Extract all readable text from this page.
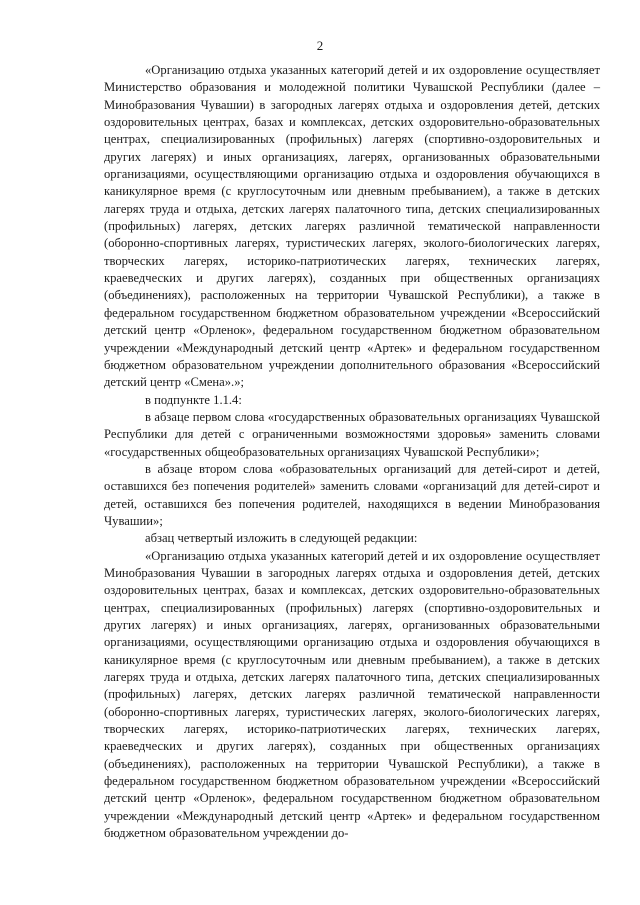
2

«Организацию отдыха указанных категорий детей и их оздоровление осуществляет Министерство образования и молодежной политики Чувашской Республики (далее – Минобразования Чувашии) в загородных лагерях отдыха и оздоровления детей, детских оздоровительных центрах, базах и комплексах, детских оздоровительно-образовательных центрах, специализированных (профильных) лагерях (спортивно-оздоровительных и других лагерях) и иных организациях, лагерях, организованных образовательными организациями, осуществляющими организацию отдыха и оздоровления обучающихся в каникулярное время (с круглосуточным или дневным пребыванием), а также в детских лагерях труда и отдыха, детских лагерях палаточного типа, детских специализированных (профильных) лагерях, детских лагерях различной тематической направленности (оборонно-спортивных лагерях, туристических лагерях, эколого-биологических лагерях, творческих лагерях, историко-патриотических лагерях, технических лагерях, краеведческих и других лагерях), созданных при общественных организациях (объединениях), расположенных на территории Чувашской Республики), а также в федеральном государственном бюджетном образовательном учреждении «Всероссийский детский центр «Орленок», федеральном государственном бюджетном образовательном учреждении «Международный детский центр «Артек» и федеральном государственном бюджетном образовательном учреждении дополнительного образования «Всероссийский детский центр «Смена».»;

в подпункте 1.1.4:

в абзаце первом слова «государственных образовательных организациях Чувашской Республики для детей с ограниченными возможностями здоровья» заменить словами «государственных общеобразовательных организациях Чувашской Республики»;

в абзаце втором слова «образовательных организаций для детей-сирот и детей, оставшихся без попечения родителей» заменить словами «организаций для детей-сирот и детей, оставшихся без попечения родителей, находящихся в ведении Минобразования Чувашии»;

абзац четвертый изложить в следующей редакции:

«Организацию отдыха указанных категорий детей и их оздоровление осуществляет Минобразования Чувашии в загородных лагерях отдыха и оздоровления детей, детских оздоровительных центрах, базах и комплексах, детских оздоровительно-образовательных центрах, специализированных (профильных) лагерях (спортивно-оздоровительных и других лагерях) и иных организациях, лагерях, организованных образовательными организациями, осуществляющими организацию отдыха и оздоровления обучающихся в каникулярное время (с круглосуточным или дневным пребыванием), а также в детских лагерях труда и отдыха, детских лагерях палаточного типа, детских специализированных (профильных) лагерях, детских лагерях различной тематической направленности (оборонно-спортивных лагерях, туристических лагерях, эколого-биологических лагерях, творческих лагерях, историко-патриотических лагерях, технических лагерях, краеведческих и других лагерях), созданных при общественных организациях (объединениях), расположенных на территории Чувашской Республики), а также в федеральном государственном бюджетном образовательном учреждении «Всероссийский детский центр «Орленок», федеральном государственном бюджетном образовательном учреждении «Международный детский центр «Артек» и федеральном государственном бюджетном образовательном учреждении до-
